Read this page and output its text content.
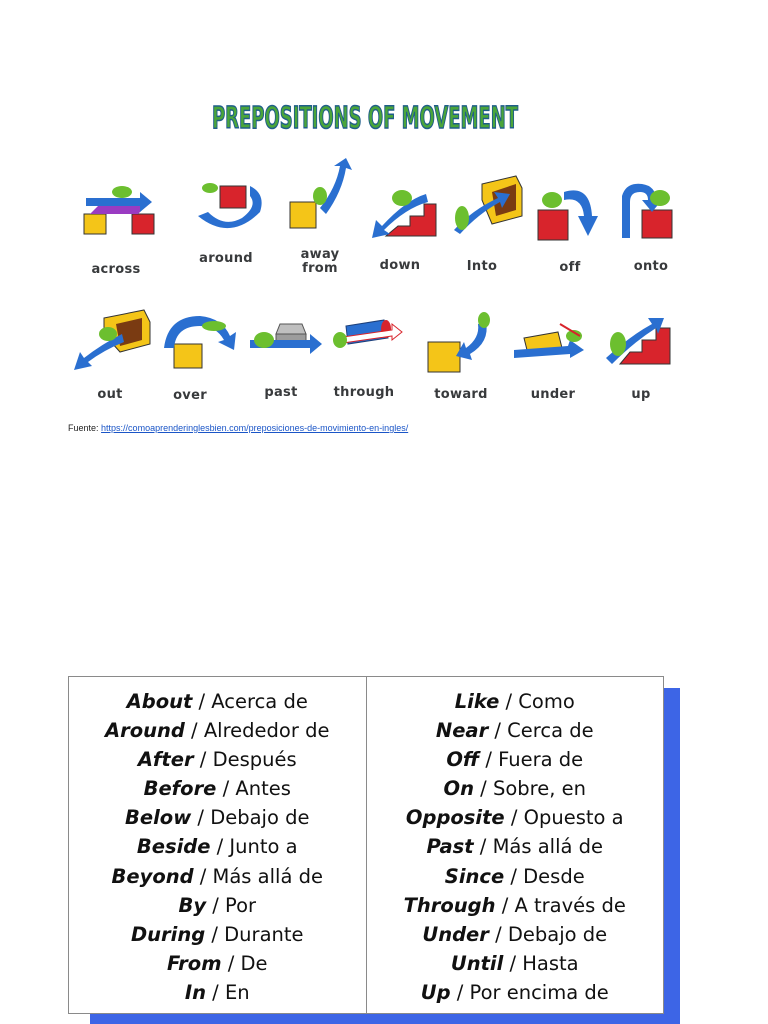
PREPOSITIONS OF MOVEMENT
across
around	away
from	down	Into	off	onto
out	over	past	through	toward	under	up
Fuente: https://comoaprenderinglesbien.com/preposiciones-de-movimiento-en-ingles/
About / Acerca de
Around / Alrededor de
After / Después
Before / Antes
Below / Debajo de
Beside / Junto a
Beyond / Más allá de
By / Por
During / Durante
From / De
In / En
Like / Como
Near / Cerca de
Off / Fuera de
On / Sobre, en
Opposite / Opuesto a
Past / Más allá de
Since / Desde
Through / A través de
Under / Debajo de
Until / Hasta
Up / Por encima de
